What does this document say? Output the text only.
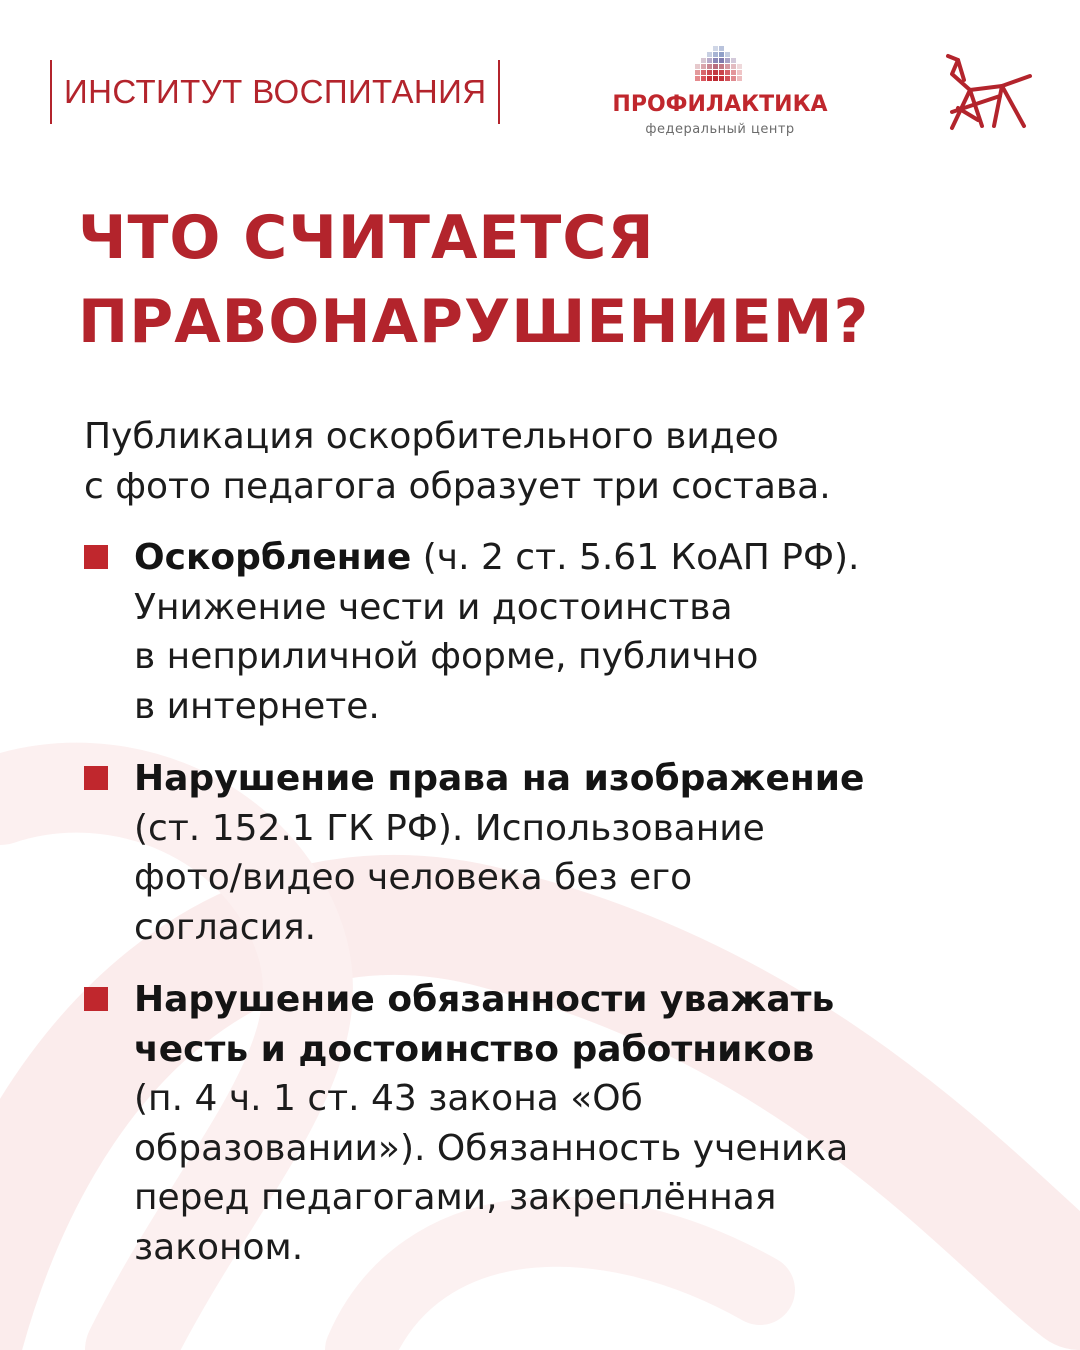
ИНСТИТУТ ВОСПИТАНИЯ	ПРОФИЛАКТИКА
федеральный центр
ЧТО СЧИТАЕТСЯ
ПРАВОНАРУШЕНИЕМ?
Публикация оскорбительного видео
с фото педагога образует три состава.
Оскорбление (ч. 2 ст. 5.61 КоАП РФ).
Унижение чести и достоинства
в неприличной форме, публично
в интернете.
Нарушение права на изображение
(ст. 152.1 ГК РФ). Использование
фото/видео человека без его
согласия.
Нарушение обязанности уважать
честь и достоинство работников
(п. 4 ч. 1 ст. 43 закона «Об
образовании»). Обязанность ученика
перед педагогами, закреплённая
законом.
